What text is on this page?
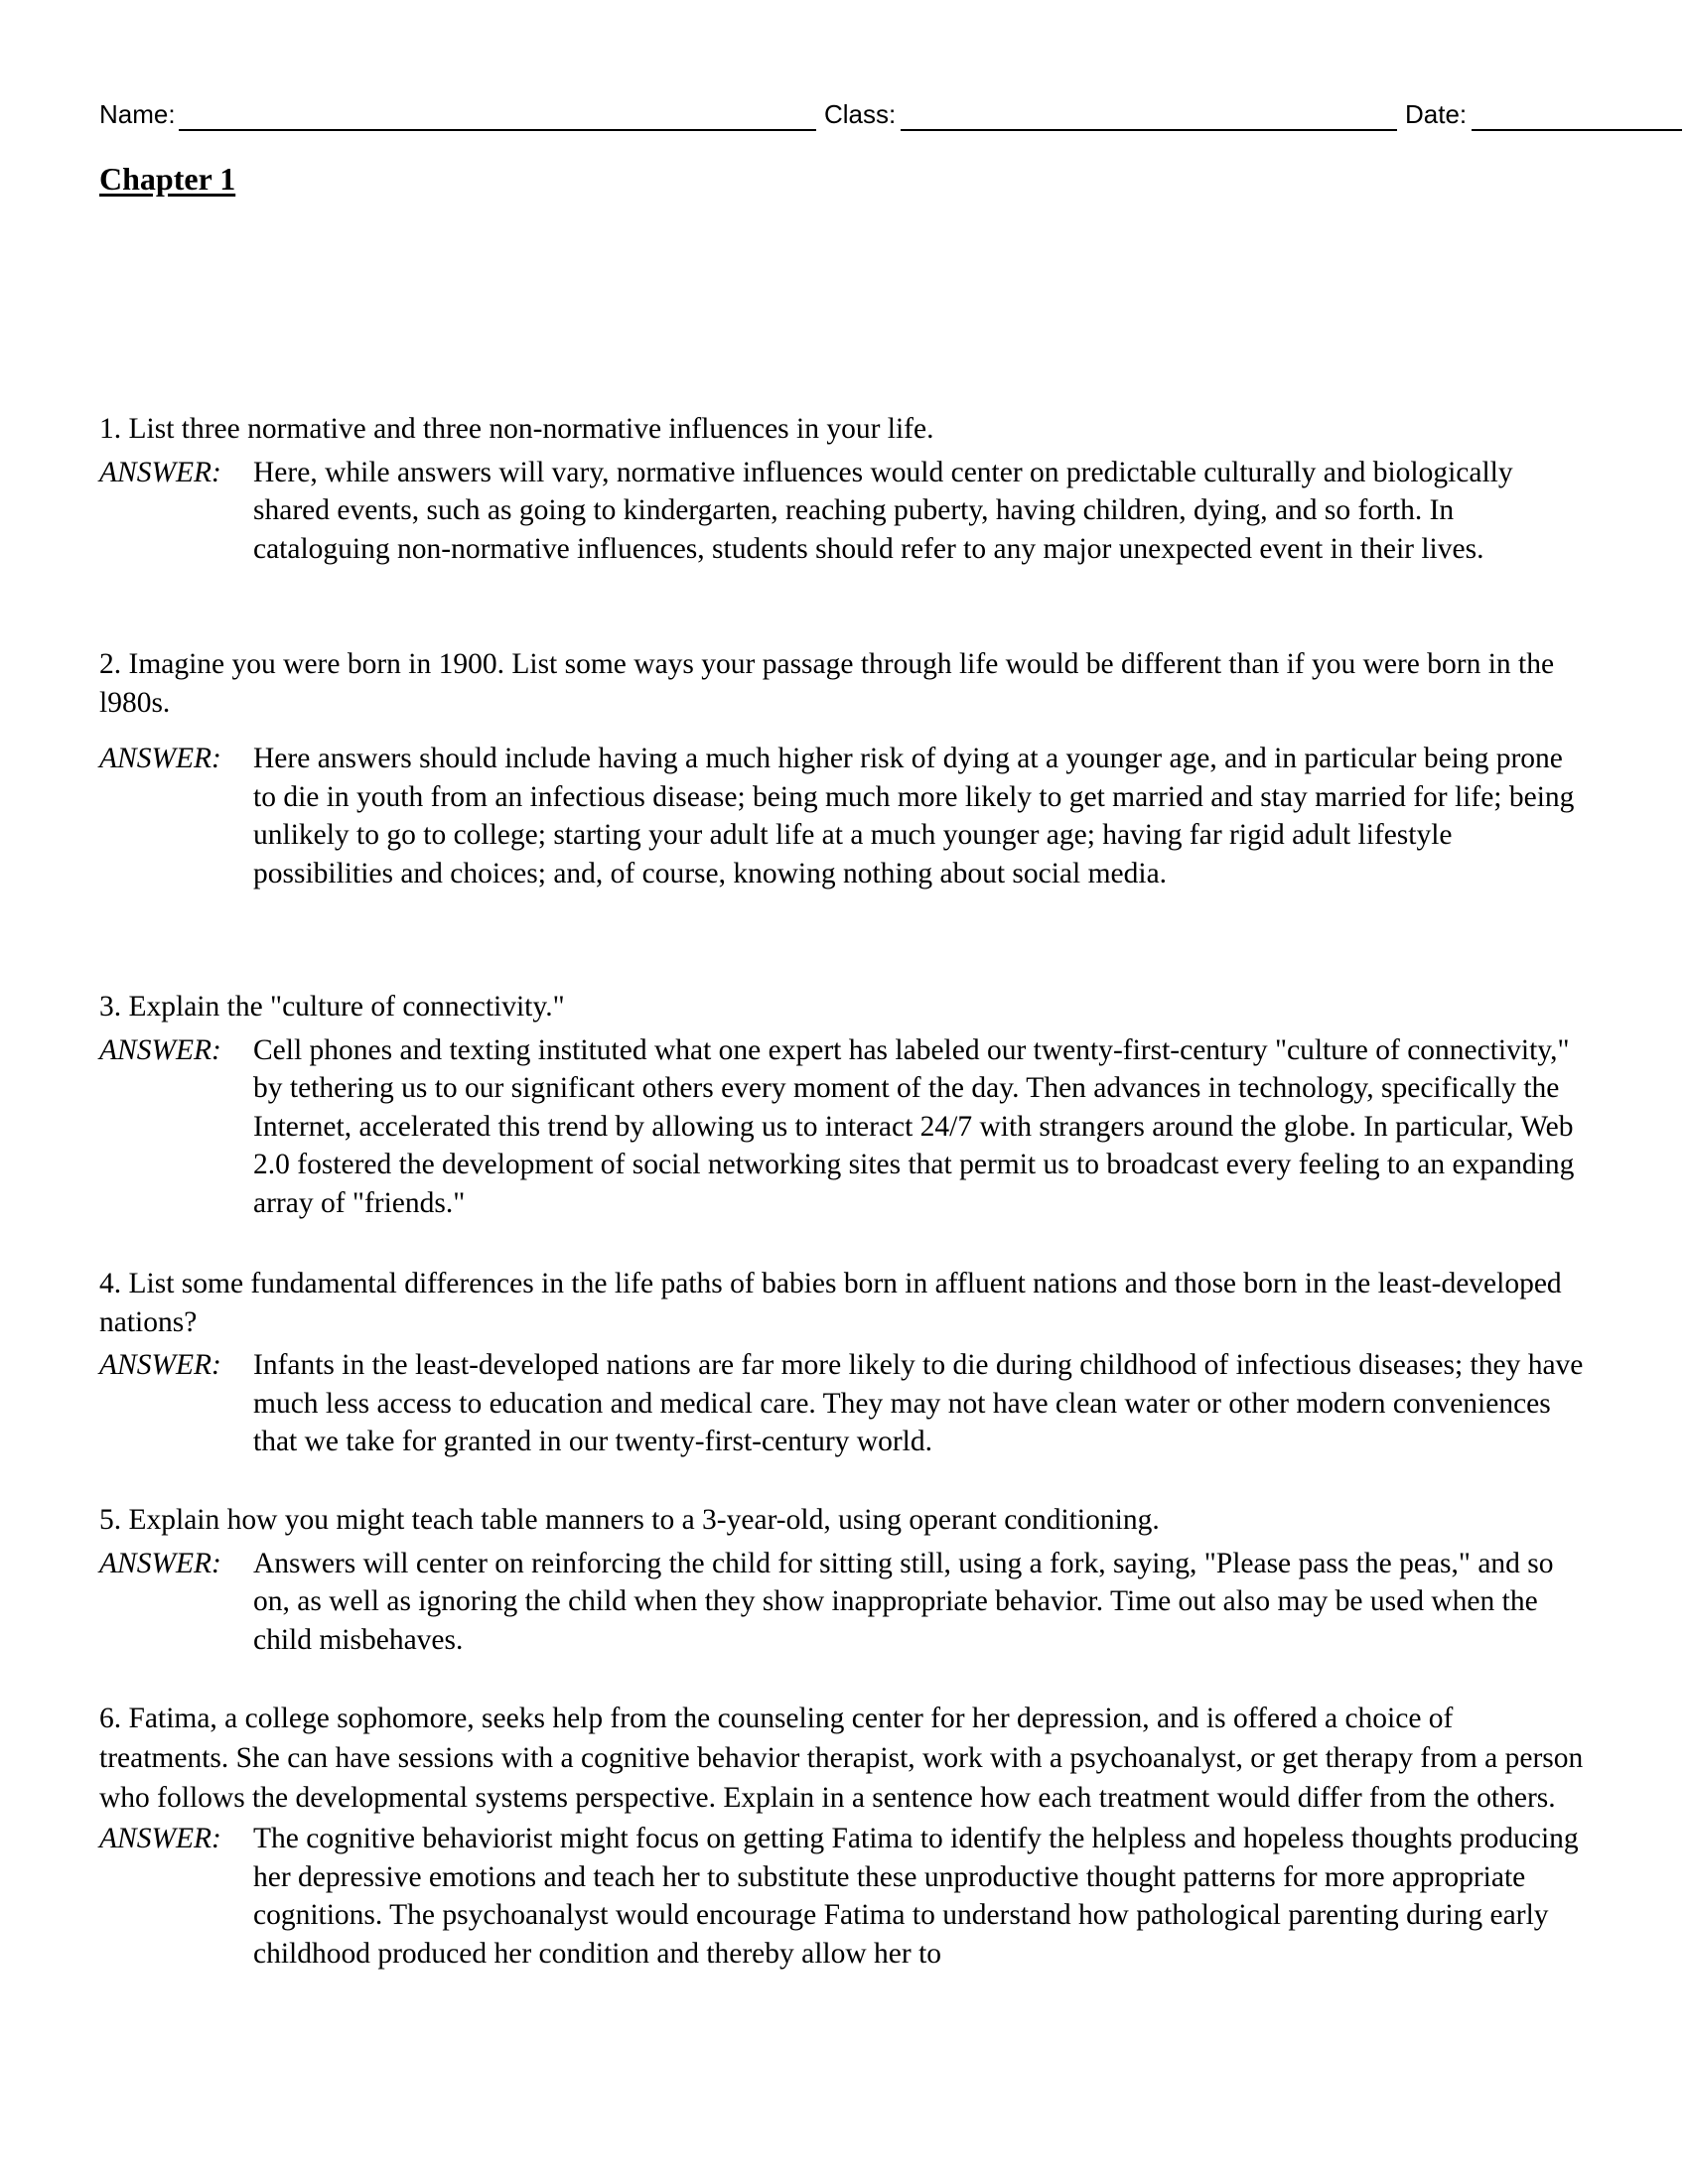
Name:	Class:	Date:
Chapter 1

1. List three normative and three non-normative influences in your life.

ANSWER:	Here, while answers will vary, normative influences would center on predictable culturally and biologically shared events, such as going to kindergarten, reaching puberty, having children, dying, and so forth. In cataloguing non-normative influences, students should refer to any major unexpected event in their lives.

2. Imagine you were born in 1900. List some ways your passage through life would be different than if you were born in the l980s.

ANSWER:	Here answers should include having a much higher risk of dying at a younger age, and in particular being prone to die in youth from an infectious disease; being much more likely to get married and stay married for life; being unlikely to go to college; starting your adult life at a much younger age; having far rigid adult lifestyle possibilities and choices; and, of course, knowing nothing about social media.

3. Explain the "culture of connectivity."

ANSWER:	Cell phones and texting instituted what one expert has labeled our twenty-first-century "culture of connectivity," by tethering us to our significant others every moment of the day. Then advances in technology, specifically the Internet, accelerated this trend by allowing us to interact 24/7 with strangers around the globe. In particular, Web 2.0 fostered the development of social networking sites that permit us to broadcast every feeling to an expanding array of "friends."

4. List some fundamental differences in the life paths of babies born in affluent nations and those born in the least-developed nations?

ANSWER:	Infants in the least-developed nations are far more likely to die during childhood of infectious diseases; they have much less access to education and medical care. They may not have clean water or other modern conveniences that we take for granted in our twenty-first-century world.

5. Explain how you might teach table manners to a 3-year-old, using operant conditioning.

ANSWER:	Answers will center on reinforcing the child for sitting still, using a fork, saying, "Please pass the peas," and so on, as well as ignoring the child when they show inappropriate behavior. Time out also may be used when the child misbehaves.

6. Fatima, a college sophomore, seeks help from the counseling center for her depression, and is offered a choice of treatments. She can have sessions with a cognitive behavior therapist, work with a psychoanalyst, or get therapy from a person who follows the developmental systems perspective. Explain in a sentence how each treatment would differ from the others.

ANSWER:	The cognitive behaviorist might focus on getting Fatima to identify the helpless and hopeless thoughts producing her depressive emotions and teach her to substitute these unproductive thought patterns for more appropriate cognitions. The psychoanalyst would encourage Fatima to understand how pathological parenting during early childhood produced her condition and thereby allow her to
